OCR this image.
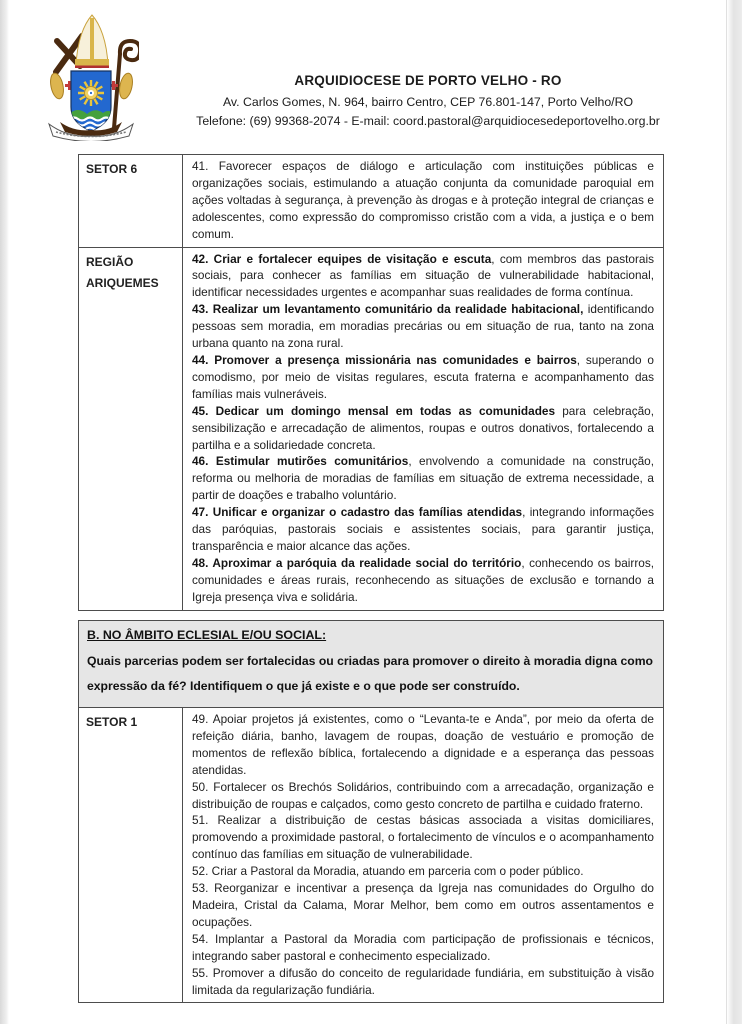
ARQUIDIOCESE DE PORTO VELHO - RO
Av. Carlos Gomes, N. 964, bairro Centro, CEP 76.801-147, Porto Velho/RO
Telefone: (69) 99368-2074 - E-mail: coord.pastoral@arquidiocesedeportovelho.org.br
SETOR 6	41. Favorecer espaços de diálogo e articulação com instituições públicas e organizações sociais, estimulando a atuação conjunta da comunidade paroquial em ações voltadas à segurança, à prevenção às drogas e à proteção integral de crianças e adolescentes, como expressão do compromisso cristão com a vida, a justiça e o bem comum.

REGIÃO ARIQUEMES

42. Criar e fortalecer equipes de visitação e escuta, com membros das pastorais sociais, para conhecer as famílias em situação de vulnerabilidade habitacional, identificar necessidades urgentes e acompanhar suas realidades de forma contínua.

43. Realizar um levantamento comunitário da realidade habitacional, identificando pessoas sem moradia, em moradias precárias ou em situação de rua, tanto na zona urbana quanto na zona rural.

44. Promover a presença missionária nas comunidades e bairros, superando o comodismo, por meio de visitas regulares, escuta fraterna e acompanhamento das famílias mais vulneráveis.

45. Dedicar um domingo mensal em todas as comunidades para celebração, sensibilização e arrecadação de alimentos, roupas e outros donativos, fortalecendo a partilha e a solidariedade concreta.

46. Estimular mutirões comunitários, envolvendo a comunidade na construção, reforma ou melhoria de moradias de famílias em situação de extrema necessidade, a partir de doações e trabalho voluntário.

47. Unificar e organizar o cadastro das famílias atendidas, integrando informações das paróquias, pastorais sociais e assistentes sociais, para garantir justiça, transparência e maior alcance das ações.

48. Aproximar a paróquia da realidade social do território, conhecendo os bairros, comunidades e áreas rurais, reconhecendo as situações de exclusão e tornando a Igreja presença viva e solidária.

B. NO ÂMBITO ECLESIAL E/OU SOCIAL:
Quais parcerias podem ser fortalecidas ou criadas para promover o direito à moradia digna como expressão da fé? Identifiquem o que já existe e o que pode ser construído.
SETOR 1	49. Apoiar projetos já existentes, como o “Levanta-te e Anda”, por meio da oferta de refeição diária, banho, lavagem de roupas, doação de vestuário e promoção de momentos de reflexão bíblica, fortalecendo a dignidade e a esperança das pessoas atendidas.

50. Fortalecer os Brechós Solidários, contribuindo com a arrecadação, organização e distribuição de roupas e calçados, como gesto concreto de partilha e cuidado fraterno.

51. Realizar a distribuição de cestas básicas associada a visitas domiciliares, promovendo a proximidade pastoral, o fortalecimento de vínculos e o acompanhamento contínuo das famílias em situação de vulnerabilidade.

52. Criar a Pastoral da Moradia, atuando em parceria com o poder público.

53. Reorganizar e incentivar a presença da Igreja nas comunidades do Orgulho do Madeira, Cristal da Calama, Morar Melhor, bem como em outros assentamentos e ocupações.

54. Implantar a Pastoral da Moradia com participação de profissionais e técnicos, integrando saber pastoral e conhecimento especializado.

55. Promover a difusão do conceito de regularidade fundiária, em substituição à visão limitada da regularização fundiária.
